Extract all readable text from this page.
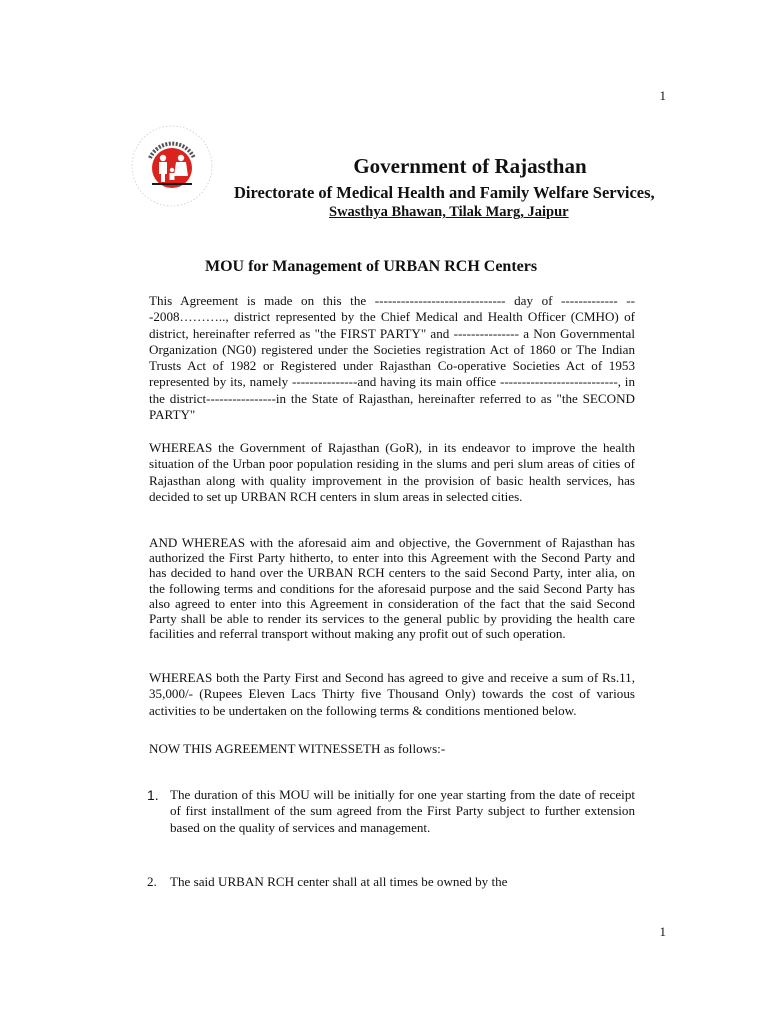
1
Government of Rajasthan
Directorate of Medical Health and Family Welfare Services,
Swasthya Bhawan, Tilak Marg, Jaipur
MOU for Management of URBAN RCH Centers

This Agreement is made on this the ------------------------------ day of ------------- ---2008……….., district represented by the Chief Medical and Health Officer (CMHO) of district, hereinafter referred as "the FIRST PARTY" and --------------- a Non Governmental Organization (NG0) registered under the Societies registration Act of 1860 or The Indian Trusts Act of 1982 or Registered under Rajasthan Co-operative Societies Act of 1953 represented by its, namely ---------------and having its main office ---------------------------, in the district----------------in the State of Rajasthan, hereinafter referred to as "the SECOND PARTY"

WHEREAS the Government of Rajasthan (GoR), in its endeavor to improve the health situation of the Urban poor population residing in the slums and peri slum areas of cities of Rajasthan along with quality improvement in the provision of basic health services, has decided to set up URBAN RCH centers in slum areas in selected cities.

AND WHEREAS with the aforesaid aim and objective, the Government of Rajasthan has authorized the First Party hitherto, to enter into this Agreement with the Second Party and has decided to hand over the URBAN RCH centers to the said Second Party, inter alia, on the following terms and conditions for the aforesaid purpose and the said Second Party has also agreed to enter into this Agreement in consideration of the fact that the said Second Party shall be able to render its services to the general public by providing the health care facilities and referral transport without making any profit out of such operation.

WHEREAS both the Party First and Second has agreed to give and receive a sum of Rs.11, 35,000/- (Rupees Eleven Lacs Thirty five Thousand Only) towards the cost of various activities to be undertaken on the following terms & conditions mentioned below.

NOW THIS AGREEMENT WITNESSETH as follows:-

1. The duration of this MOU will be initially for one year starting from the date of receipt of first installment of the sum agreed from the First Party subject to further extension based on the quality of services and management.
2. The said URBAN RCH center shall at all times be owned by the
1
